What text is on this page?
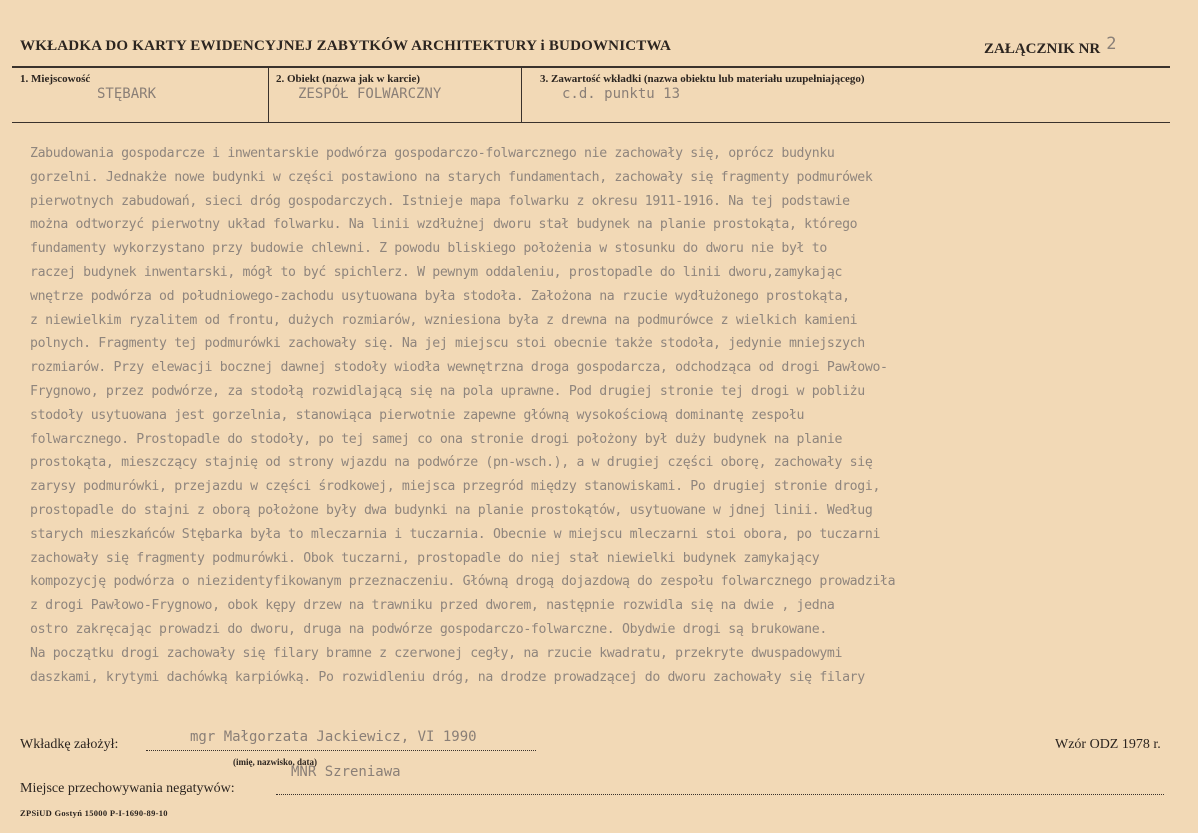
WKŁADKA DO KARTY EWIDENCYJNEJ ZABYTKÓW ARCHITEKTURY i BUDOWNICTWA	ZAŁĄCZNIK NR 2
1. Miejscowość
STĘBARK
2. Obiekt (nazwa jak w karcie)
ZESPÓŁ FOLWARCZNY
3. Zawartość wkładki (nazwa obiektu lub materiału uzupełniającego)
c.d. punktu 13
Zabudowania gospodarcze i inwentarskie podwórza gospodarczo-folwarcznego nie zachowały się, oprócz budynku
gorzelni. Jednakże nowe budynki w części postawiono na starych fundamentach, zachowały się fragmenty podmurówek
pierwotnych zabudowań, sieci dróg gospodarczych. Istnieje mapa folwarku z okresu 1911-1916. Na tej podstawie
można odtworzyć pierwotny układ folwarku. Na linii wzdłużnej dworu stał budynek na planie prostokąta, którego
fundamenty wykorzystano przy budowie chlewni. Z powodu bliskiego położenia w stosunku do dworu nie był to
raczej budynek inwentarski, mógł to być spichlerz. W pewnym oddaleniu, prostopadle do linii dworu,zamykając
wnętrze podwórza od południowego-zachodu usytuowana była stodoła. Założona na rzucie wydłużonego prostokąta,
z niewielkim ryzalitem od frontu, dużych rozmiarów, wzniesiona była z drewna na podmurówce z wielkich kamieni
polnych. Fragmenty tej podmurówki zachowały się. Na jej miejscu stoi obecnie także stodoła, jedynie mniejszych
rozmiarów. Przy elewacji bocznej dawnej stodoły wiodła wewnętrzna droga gospodarcza, odchodząca od drogi Pawłowo-
Frygnowo, przez podwórze, za stodołą rozwidlającą się na pola uprawne. Pod drugiej stronie tej drogi w pobliżu
stodoły usytuowana jest gorzelnia, stanowiąca pierwotnie zapewne główną wysokościową dominantę zespołu
folwarcznego. Prostopadle do stodoły, po tej samej co ona stronie drogi położony był duży budynek na planie
prostokąta, mieszczący stajnię od strony wjazdu na podwórze (pn-wsch.), a w drugiej części oborę, zachowały się
zarysy podmurówki, przejazdu w części środkowej, miejsca przegród między stanowiskami. Po drugiej stronie drogi,
prostopadle do stajni z oborą położone były dwa budynki na planie prostokątów, usytuowane w jdnej linii. Według
starych mieszkańców Stębarka była to mleczarnia i tuczarnia. Obecnie w miejscu mleczarni stoi obora, po tuczarni
zachowały się fragmenty podmurówki. Obok tuczarni, prostopadle do niej stał niewielki budynek zamykający
kompozycję podwórza o niezidentyfikowanym przeznaczeniu. Główną drogą dojazdową do zespołu folwarcznego prowadziła
z drogi Pawłowo-Frygnowo, obok kępy drzew na trawniku przed dworem, następnie rozwidla się na dwie , jedna
ostro zakręcając prowadzi do dworu, druga na podwórze gospodarczo-folwarczne. Obydwie drogi są brukowane.
Na początku drogi zachowały się filary bramne z czerwonej cegły, na rzucie kwadratu, przekryte dwuspadowymi
daszkami, krytymi dachówką karpiówką. Po rozwidleniu dróg, na drodze prowadzącej do dworu zachowały się filary
Wkładkę założył:	mgr Małgorzata Jackiewicz, VI 1990
(imię, nazwisko, data)
Wzór ODZ 1978 r.
MNR Szreniawa
Miejsce przechowywania negatywów:
ZPSiUD Gostyń 15000 P-I-1690-89-10
